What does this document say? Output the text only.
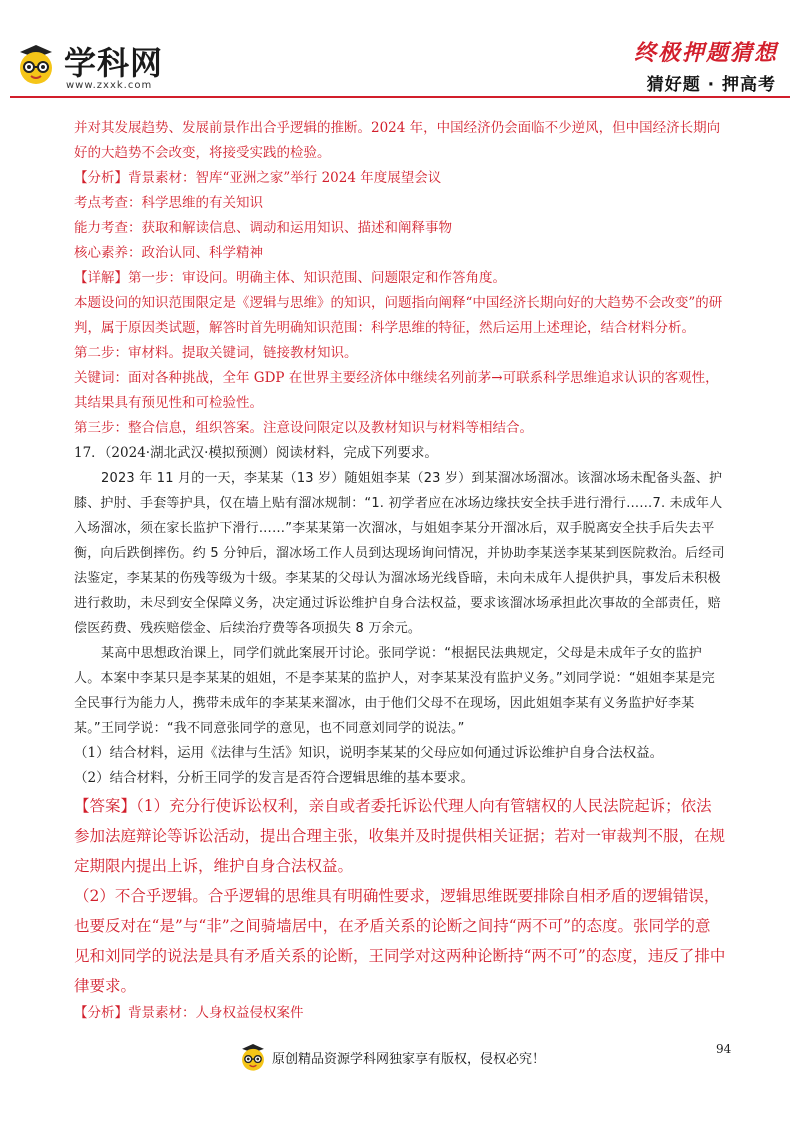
学科网
www.zxxk.com
终极押题猜想
猜好题 · 押高考

并对其发展趋势、发展前景作出合乎逻辑的推断。2024 年，中国经济仍会面临不少逆风，但中国经济长期向好的大趋势不会改变，将接受实践的检验。

【分析】背景素材：智库“亚洲之家”举行 2024 年度展望会议

考点考查：科学思维的有关知识

能力考查：获取和解读信息、调动和运用知识、描述和阐释事物

核心素养：政治认同、科学精神

【详解】第一步：审设问。明确主体、知识范围、问题限定和作答角度。

本题设问的知识范围限定是《逻辑与思维》的知识，问题指向阐释“中国经济长期向好的大趋势不会改变”的研判，属于原因类试题，解答时首先明确知识范围：科学思维的特征，然后运用上述理论，结合材料分析。

第二步：审材料。提取关键词，链接教材知识。

关键词：面对各种挑战，全年 GDP 在世界主要经济体中继续名列前茅→可联系科学思维追求认识的客观性，其结果具有预见性和可检验性。

第三步：整合信息，组织答案。注意设问限定以及教材知识与材料等相结合。

17．（2024·湖北武汉·模拟预测）阅读材料，完成下列要求。

2023 年 11 月的一天，李某某（13 岁）随姐姐李某（23 岁）到某溜冰场溜冰。该溜冰场未配备头盔、护膝、护肘、手套等护具，仅在墙上贴有溜冰规制：“1. 初学者应在冰场边缘扶安全扶手进行滑行……7. 未成年人入场溜冰，须在家长监护下滑行……”李某某第一次溜冰，与姐姐李某分开溜冰后，双手脱离安全扶手后失去平衡，向后跌倒摔伤。约 5 分钟后，溜冰场工作人员到达现场询问情况，并协助李某送李某某到医院救治。后经司法鉴定，李某某的伤残等级为十级。李某某的父母认为溜冰场光线昏暗，未向未成年人提供护具，事发后未积极进行救助，未尽到安全保障义务，决定通过诉讼维护自身合法权益，要求该溜冰场承担此次事故的全部责任，赔偿医药费、残疾赔偿金、后续治疗费等各项损失 8 万余元。

某高中思想政治课上，同学们就此案展开讨论。张同学说：“根据民法典规定，父母是未成年子女的监护人。本案中李某只是李某某的姐姐，不是李某某的监护人，对李某某没有监护义务。”刘同学说：“姐姐李某是完全民事行为能力人，携带未成年的李某某来溜冰，由于他们父母不在现场，因此姐姐李某有义务监护好李某某。”王同学说：“我不同意张同学的意见，也不同意刘同学的说法。”

（1）结合材料，运用《法律与生活》知识，说明李某某的父母应如何通过诉讼维护自身合法权益。

（2）结合材料，分析王同学的发言是否符合逻辑思维的基本要求。

【答案】（1）充分行使诉讼权利，亲自或者委托诉讼代理人向有管辖权的人民法院起诉；依法参加法庭辩论等诉讼活动，提出合理主张，收集并及时提供相关证据；若对一审裁判不服，在规定期限内提出上诉，维护自身合法权益。

（2）不合乎逻辑。合乎逻辑的思维具有明确性要求，逻辑思维既要排除自相矛盾的逻辑错误，也要反对在“是”与“非”之间骑墙居中，在矛盾关系的论断之间持“两不可”的态度。张同学的意见和刘同学的说法是具有矛盾关系的论断，王同学对这两种论断持“两不可”的态度，违反了排中律要求。

【分析】背景素材：人身权益侵权案件

94
原创精品资源学科网独家享有版权，侵权必究！
